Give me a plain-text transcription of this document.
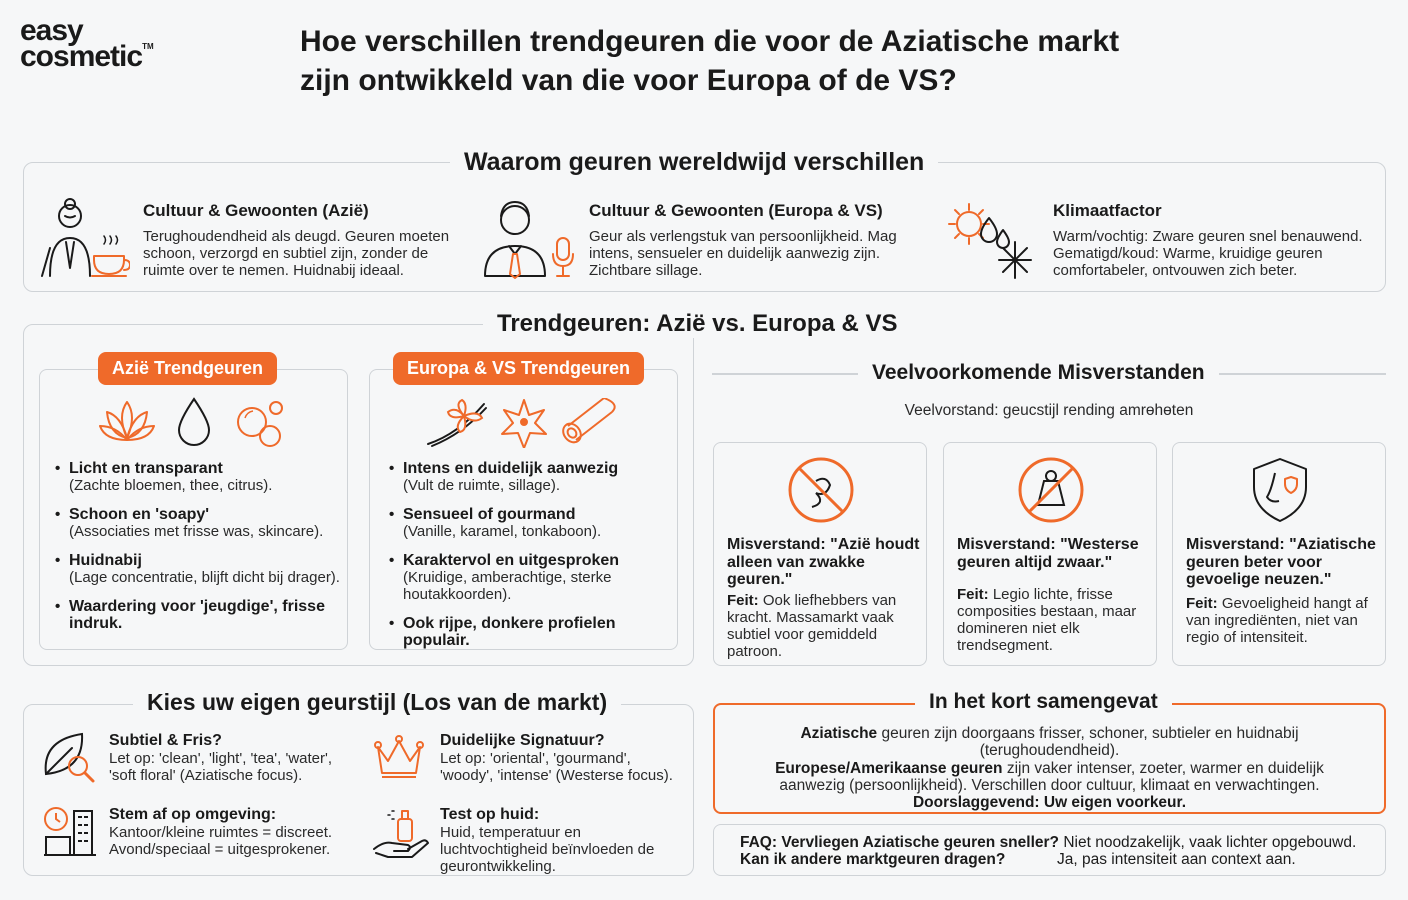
easy
cosmetic™	Hoe verschillen trendgeuren die voor de Aziatische markt
zijn ontwikkeld van die voor Europa of de VS?
Waarom geuren wereldwijd verschillen
Cultuur & Gewoonten (Azië)
Terughoudendheid als deugd. Geuren moeten schoon, verzorgd en subtiel zijn, zonder de ruimte over te nemen. Huidnabij ideaal.
Cultuur & Gewoonten (Europa & VS)
Geur als verlengstuk van persoonlijkheid. Mag intens, sensueler en duidelijk aanwezig zijn. Zichtbare sillage.
Klimaatfactor
Warm/vochtig: Zware geuren snel benauwend. Gematigd/koud: Warme, kruidige geuren comfortabeler, ontvouwen zich beter.
Trendgeuren: Azië vs. Europa & VS
Azië Trendgeuren
• Licht en transparant
(Zachte bloemen, thee, citrus).
• Schoon en 'soapy'
(Associaties met frisse was, skincare).
• Huidnabij
(Lage concentratie, blijft dicht bij drager).
• Waardering voor 'jeugdige', frisse indruk.
Europa & VS Trendgeuren
• Intens en duidelijk aanwezig
(Vult de ruimte, sillage).
• Sensueel of gourmand
(Vanille, karamel, tonkaboon).
• Karaktervol en uitgesproken
(Kruidige, amberachtige, sterke houtakkoorden).
• Ook rijpe, donkere profielen populair.
Veelvoorkomende Misverstanden
Veelvorstand: geucstijl rending amrɵhɵten
Misverstand: "Azië houdt alleen van zwakke geuren."
Feit: Ook liefhebbers van kracht. Massamarkt vaak subtiel voor gemiddeld patroon.
Misverstand: "Westerse geuren altijd zwaar."
Feit: Legio lichte, frisse composities bestaan, maar domineren niet elk trendsegment.
Misverstand: "Aziatische geuren beter voor gevoelige neuzen."
Feit: Gevoeligheid hangt af van ingrediënten, niet van regio of intensiteit.
Kies uw eigen geurstijl (Los van de markt)
Subtiel & Fris?
Let op: 'clean', 'light', 'tea', 'water', 'soft floral' (Aziatische focus).
Duidelijke Signatuur?
Let op: 'oriental', 'gourmand', 'woody', 'intense' (Westerse focus).
Stem af op omgeving:
Kantoor/kleine ruimtes = discreet. Avond/speciaal = uitgesprokener.
Test op huid:
Huid, temperatuur en luchtvochtigheid beïnvloeden de geurontwikkeling.
Aziatische geuren zijn doorgaans frisser, schoner, subtieler en huidnabij
(terughoudendheid).
Europese/Amerikaanse geuren zijn vaker intenser, zoeter, warmer en duidelijk
aanwezig (persoonlijkheid). Verschillen door cultuur, klimaat en verwachtingen.
Doorslaggevend: Uw eigen voorkeur.
In het kort samengevat
FAQ: Vervliegen Aziatische geuren sneller? Niet noodzakelijk, vaak lichter opgebouwd.
Kan ik andere marktgeuren dragen?	Ja, pas intensiteit aan context aan.
